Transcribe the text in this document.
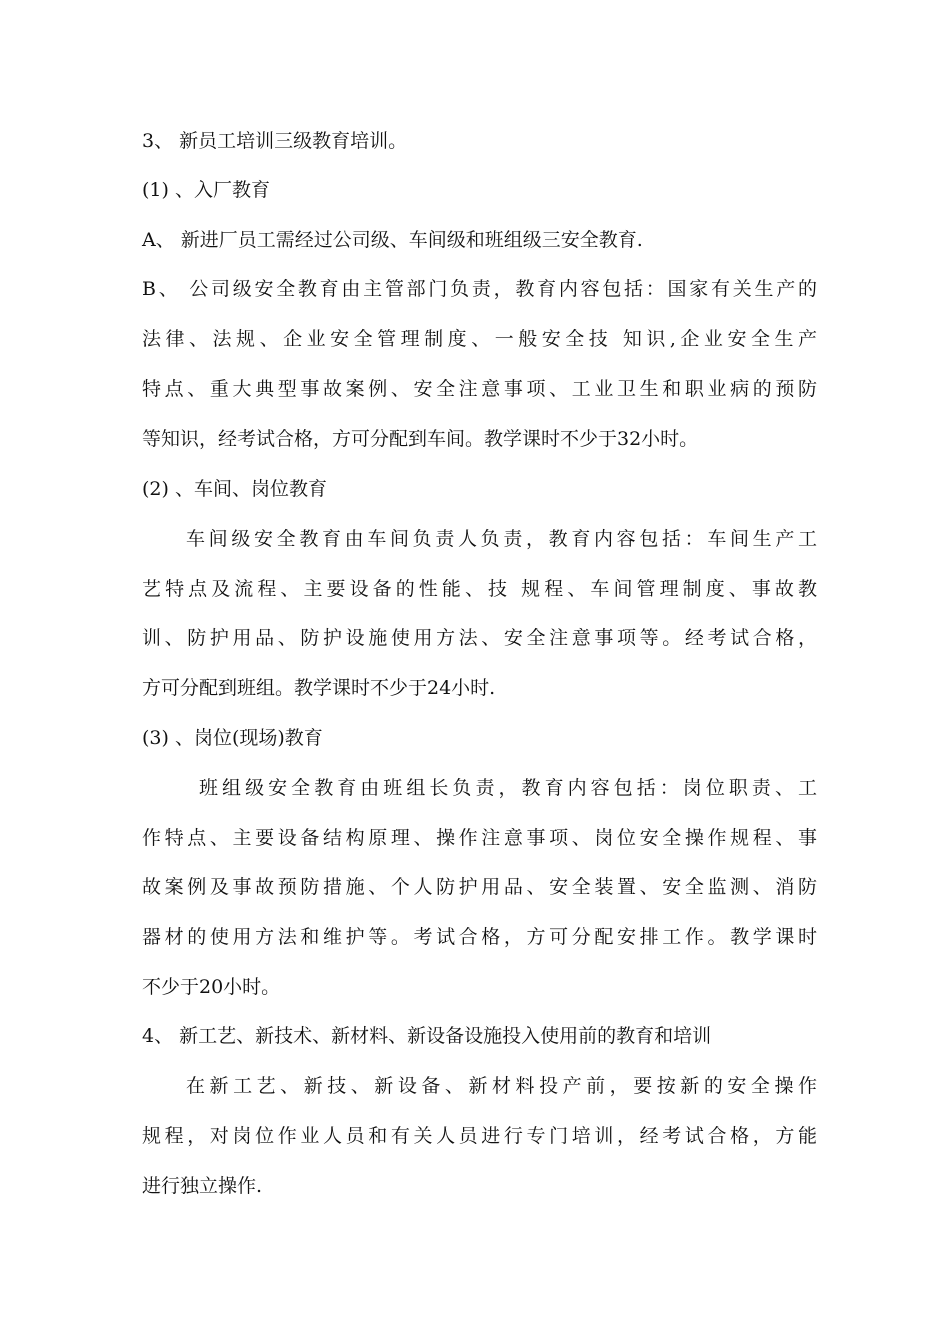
3、 新员工培训三级教育培训。
(1) 、入厂教育
A、 新进厂员工需经过公司级、车间级和班组级三安全教育.
B、 公司级安全教育由主管部门负责，教育内容包括：国家有关生产的
法律、法规、企业安全管理制度、一般安全技 知识,企业安全生产
特点、重大典型事故案例、安全注意事项、工业卫生和职业病的预防
等知识，经考试合格，方可分配到车间。教学课时不少于32小时。
(2) 、车间、岗位教育
车间级安全教育由车间负责人负责，教育内容包括：车间生产工
艺特点及流程、主要设备的性能、技 规程、车间管理制度、事故教
训、防护用品、防护设施使用方法、安全注意事项等。经考试合格，
方可分配到班组。教学课时不少于24小时.
(3) 、岗位(现场)教育
班组级安全教育由班组长负责，教育内容包括：岗位职责、工
作特点、主要设备结构原理、操作注意事项、岗位安全操作规程、事
故案例及事故预防措施、个人防护用品、安全装置、安全监测、消防
器材的使用方法和维护等。考试合格，方可分配安排工作。教学课时
不少于20小时。
4、 新工艺、新技术、新材料、新设备设施投入使用前的教育和培训
在新工艺、新技、新设备、新材料投产前，要按新的安全操作
规程，对岗位作业人员和有关人员进行专门培训，经考试合格，方能
进行独立操作.
